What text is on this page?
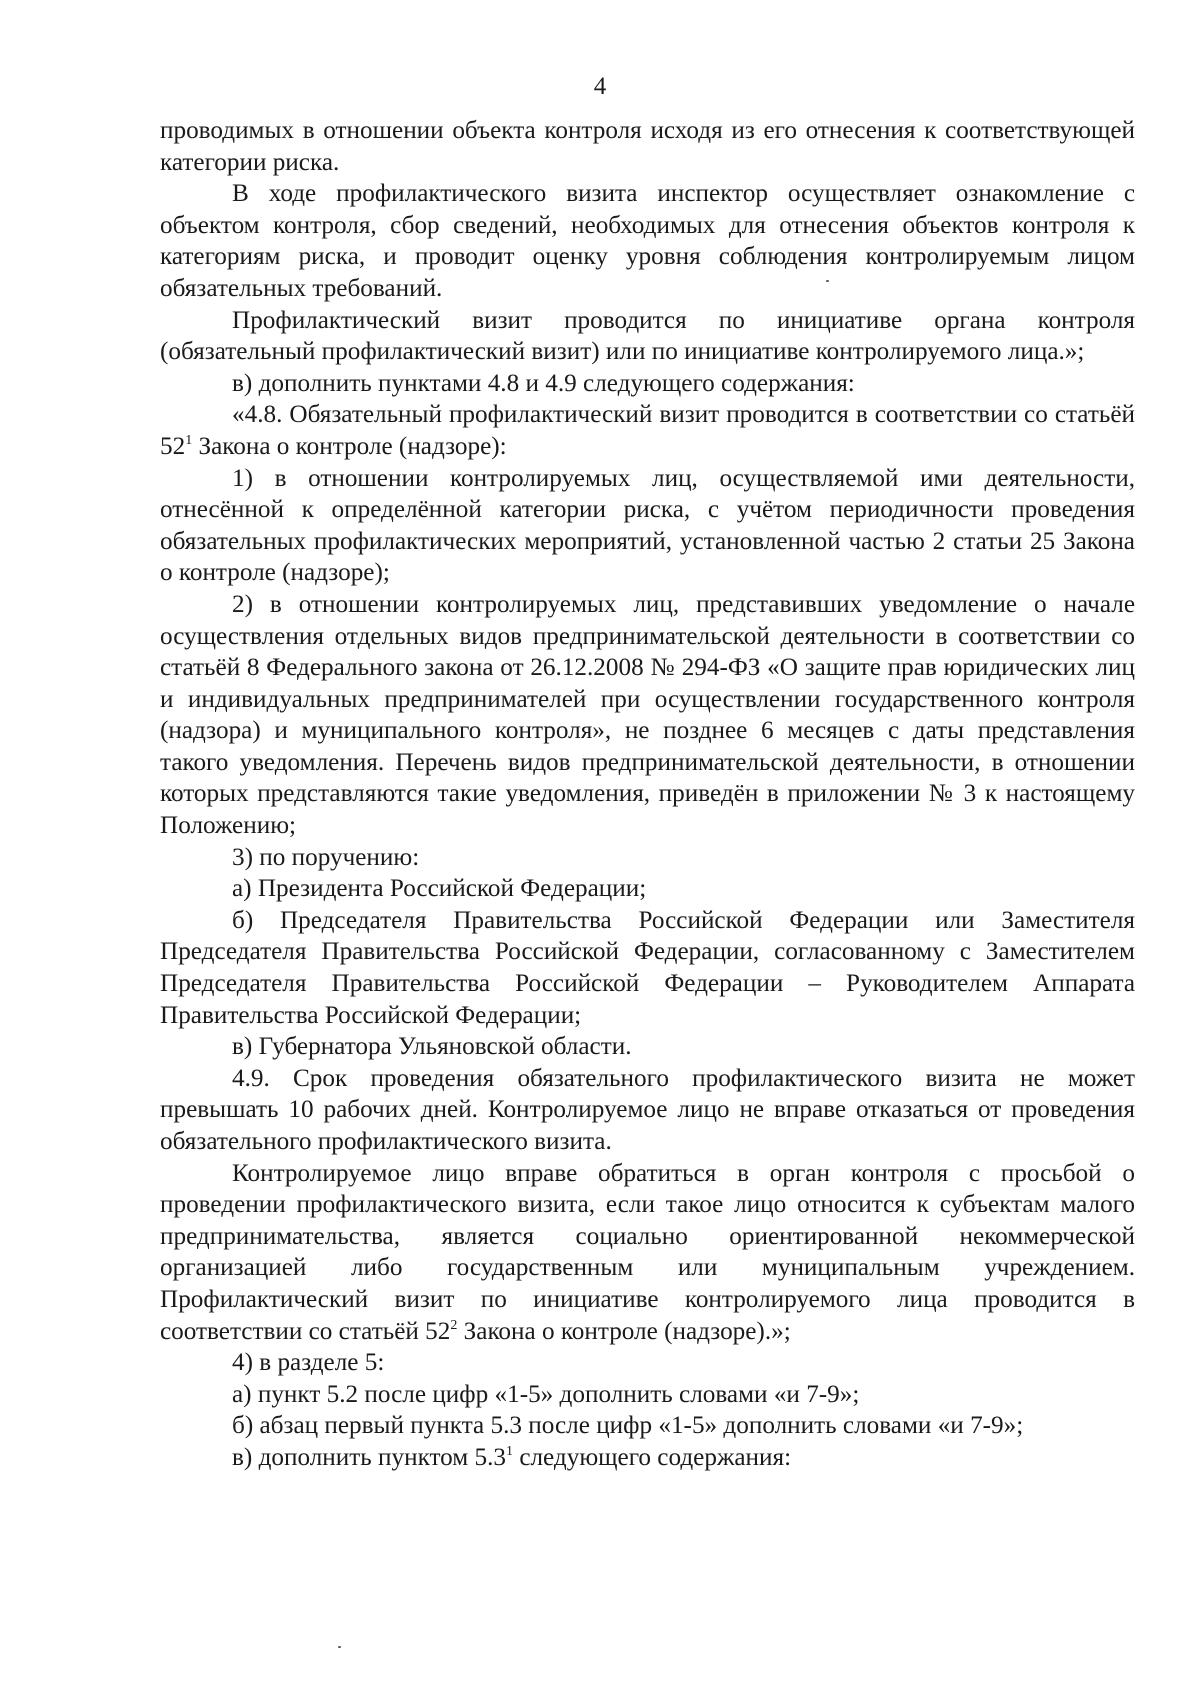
4

проводимых в отношении объекта контроля исходя из его отнесения к соответствующей категории риска.

В ходе профилактического визита инспектор осуществляет ознакомление с объектом контроля, сбор сведений, необходимых для отнесения объектов контроля к категориям риска, и проводит оценку уровня соблюдения контролируемым лицом обязательных требований.

Профилактический визит проводится по инициативе органа контроля (обязательный профилактический визит) или по инициативе контролируемого лица.»;

в) дополнить пунктами 4.8 и 4.9 следующего содержания:

«4.8. Обязательный профилактический визит проводится в соответствии со статьёй $52^1$ Закона о контроле (надзоре):

1) в отношении контролируемых лиц, осуществляемой ими деятельности, отнесённой к определённой категории риска, с учётом периодичности проведения обязательных профилактических мероприятий, установленной частью 2 статьи 25 Закона о контроле (надзоре);

2) в отношении контролируемых лиц, представивших уведомление о начале осуществления отдельных видов предпринимательской деятельности в соответствии со статьёй 8 Федерального закона от 26.12.2008 № 294-ФЗ «О защите прав юридических лиц и индивидуальных предпринимателей при осуществлении государственного контроля (надзора) и муниципального контроля», не позднее 6 месяцев с даты представления такого уведомления. Перечень видов предпринимательской деятельности, в отношении которых представляются такие уведомления, приведён в приложении № 3 к настоящему Положению;

3) по поручению:

а) Президента Российской Федерации;

б) Председателя Правительства Российской Федерации или Заместителя Председателя Правительства Российской Федерации, согласованному с Заместителем Председателя Правительства Российской Федерации – Руководителем Аппарата Правительства Российской Федерации;

в) Губернатора Ульяновской области.

4.9. Срок проведения обязательного профилактического визита не может превышать 10 рабочих дней. Контролируемое лицо не вправе отказаться от проведения обязательного профилактического визита.

Контролируемое лицо вправе обратиться в орган контроля с просьбой о проведении профилактического визита, если такое лицо относится к субъектам малого предпринимательства, является социально ориентированной некоммерческой организацией либо государственным или муниципальным учреждением. Профилактический визит по инициативе контролируемого лица проводится в соответствии со статьёй $52^2$ Закона о контроле (надзоре).»;

4) в разделе 5:

а) пункт 5.2 после цифр «1-5» дополнить словами «и 7-9»;

б) абзац первый пункта 5.3 после цифр «1-5» дополнить словами «и 7-9»;

в) дополнить пунктом $5.3^1$ следующего содержания:
